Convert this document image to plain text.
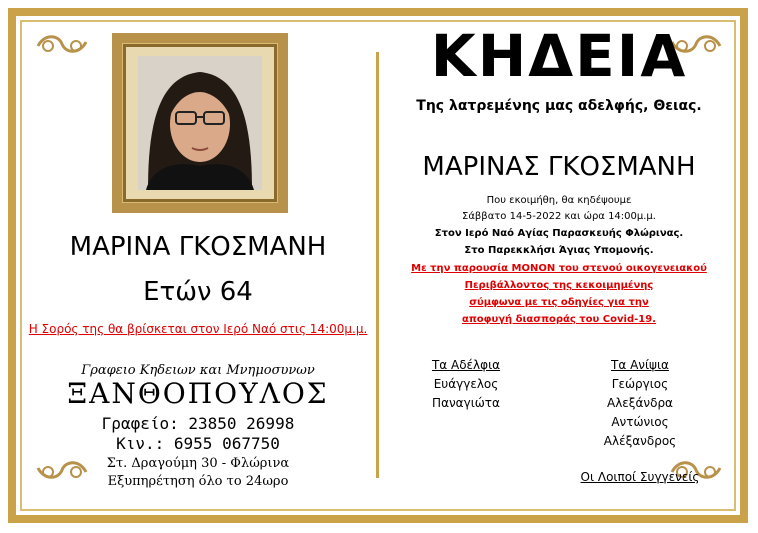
ΜΑΡΙΝΑ ΓΚΟΣΜΑΝΗ
Ετών 64
Η Σορός της θα βρίσκεται στον Ιερό Ναό στις 14:00μ.μ.
Γραφειο Κηδειων και Μνημοσυνων
ΞΑΝΘΟΠΟΥΛΟΣ
Γραφείο: 23850 26998
Κιν.: 6955 067750
Στ. Δραγούμη 30 - Φλώρινα
Εξυπηρέτηση όλο το 24ωρο
ΚΗΔΕΙΑ
Της λατρεμένης μας αδελφής, Θειας.
ΜΑΡΙΝΑΣ ΓΚΟΣΜΑΝΗ
Που εκοιμήθη, θα κηδέψουμε
Σάββατο 14-5-2022 και ώρα 14:00μ.μ.
Στον Ιερό Ναό Αγίας Παρασκευής Φλώρινας.
Στο Παρεκκλήσι Άγιας Υπομονής.
Με την παρουσία ΜΟΝΟΝ του στενού οικογενειακού
Περιβάλλοντος της κεκοιμημένης
σύμφωνα με τις οδηγίες για την
αποφυγή διασποράς του Covid-19.
Τα Αδέλφια
Ευάγγελος
Παναγιώτα
Τα Ανίψια
Γεώργιος
Αλεξάνδρα
Αντώνιος
Αλέξανδρος
Οι Λοιποί Συγγενείς
